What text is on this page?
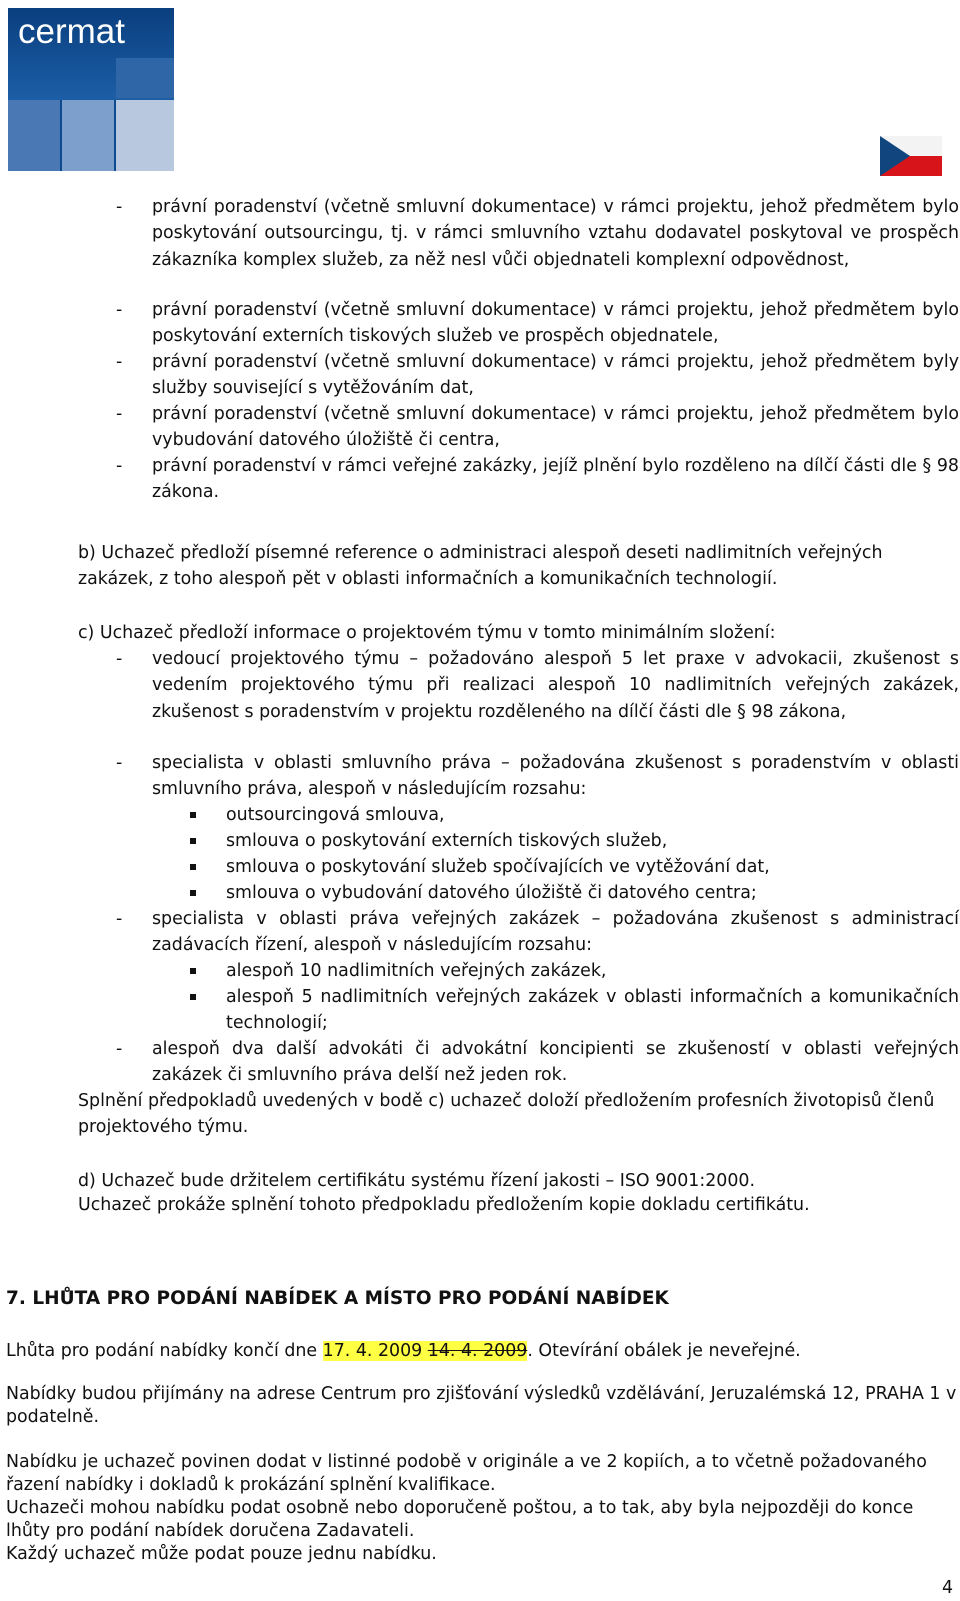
cermat
-	právní poradenství (včetně smluvní dokumentace) v rámci projektu, jehož předmětem bylo poskytování outsourcingu, tj. v rámci smluvního vztahu dodavatel poskytoval ve prospěch zákazníka komplex služeb, za něž nesl vůči objednateli komplexní odpovědnost,
-	právní poradenství (včetně smluvní dokumentace) v rámci projektu, jehož předmětem bylo poskytování externích tiskových služeb ve prospěch objednatele,
-	právní poradenství (včetně smluvní dokumentace) v rámci projektu, jehož předmětem byly služby související s vytěžováním dat,
-	právní poradenství (včetně smluvní dokumentace) v rámci projektu, jehož předmětem bylo vybudování datového úložiště či centra,
-	právní poradenství v rámci veřejné zakázky, jejíž plnění bylo rozděleno na dílčí části dle § 98 zákona.
b) Uchazeč předloží písemné reference o administraci alespoň deseti nadlimitních veřejných zakázek, z toho alespoň pět v oblasti informačních a komunikačních technologií.
c) Uchazeč předloží informace o projektovém týmu v tomto minimálním složení:
-	vedoucí projektového týmu – požadováno alespoň 5 let praxe v advokacii, zkušenost s vedením projektového týmu při realizaci alespoň 10 nadlimitních veřejných zakázek, zkušenost s poradenstvím v projektu rozděleného na dílčí části dle § 98 zákona,
-	specialista v oblasti smluvního práva – požadována zkušenost s poradenstvím v oblasti smluvního práva, alespoň v následujícím rozsahu:
outsourcingová smlouva,
smlouva o poskytování externích tiskových služeb,
smlouva o poskytování služeb spočívajících ve vytěžování dat,
smlouva o vybudování datového úložiště či datového centra;
-	specialista v oblasti práva veřejných zakázek – požadována zkušenost s administrací zadávacích řízení, alespoň v následujícím rozsahu:
alespoň 10 nadlimitních veřejných zakázek,
alespoň 5 nadlimitních veřejných zakázek v oblasti informačních a komunikačních technologií;
-	alespoň dva další advokáti či advokátní koncipienti se zkušeností v oblasti veřejných zakázek či smluvního práva delší než jeden rok.
Splnění předpokladů uvedených v bodě c) uchazeč doloží předložením profesních životopisů členů projektového týmu.
d) Uchazeč bude držitelem certifikátu systému řízení jakosti – ISO 9001:2000.
Uchazeč prokáže splnění tohoto předpokladu předložením kopie dokladu certifikátu.
7. LHŮTA PRO PODÁNÍ NABÍDEK A MÍSTO PRO PODÁNÍ NABÍDEK
Lhůta pro podání nabídky končí dne 17. 4. 2009 14. 4. 2009. Otevírání obálek je neveřejné.
Nabídky budou přijímány na adrese Centrum pro zjišťování výsledků vzdělávání, Jeruzalémská 12, PRAHA 1 v podatelně.
Nabídku je uchazeč povinen dodat v listinné podobě v originále a ve 2 kopiích, a to včetně požadovaného řazení nabídky i dokladů k prokázání splnění kvalifikace.
Uchazeči mohou nabídku podat osobně nebo doporučeně poštou, a to tak, aby byla nejpozději do konce lhůty pro podání nabídek doručena Zadavateli.
Každý uchazeč může podat pouze jednu nabídku.
4
